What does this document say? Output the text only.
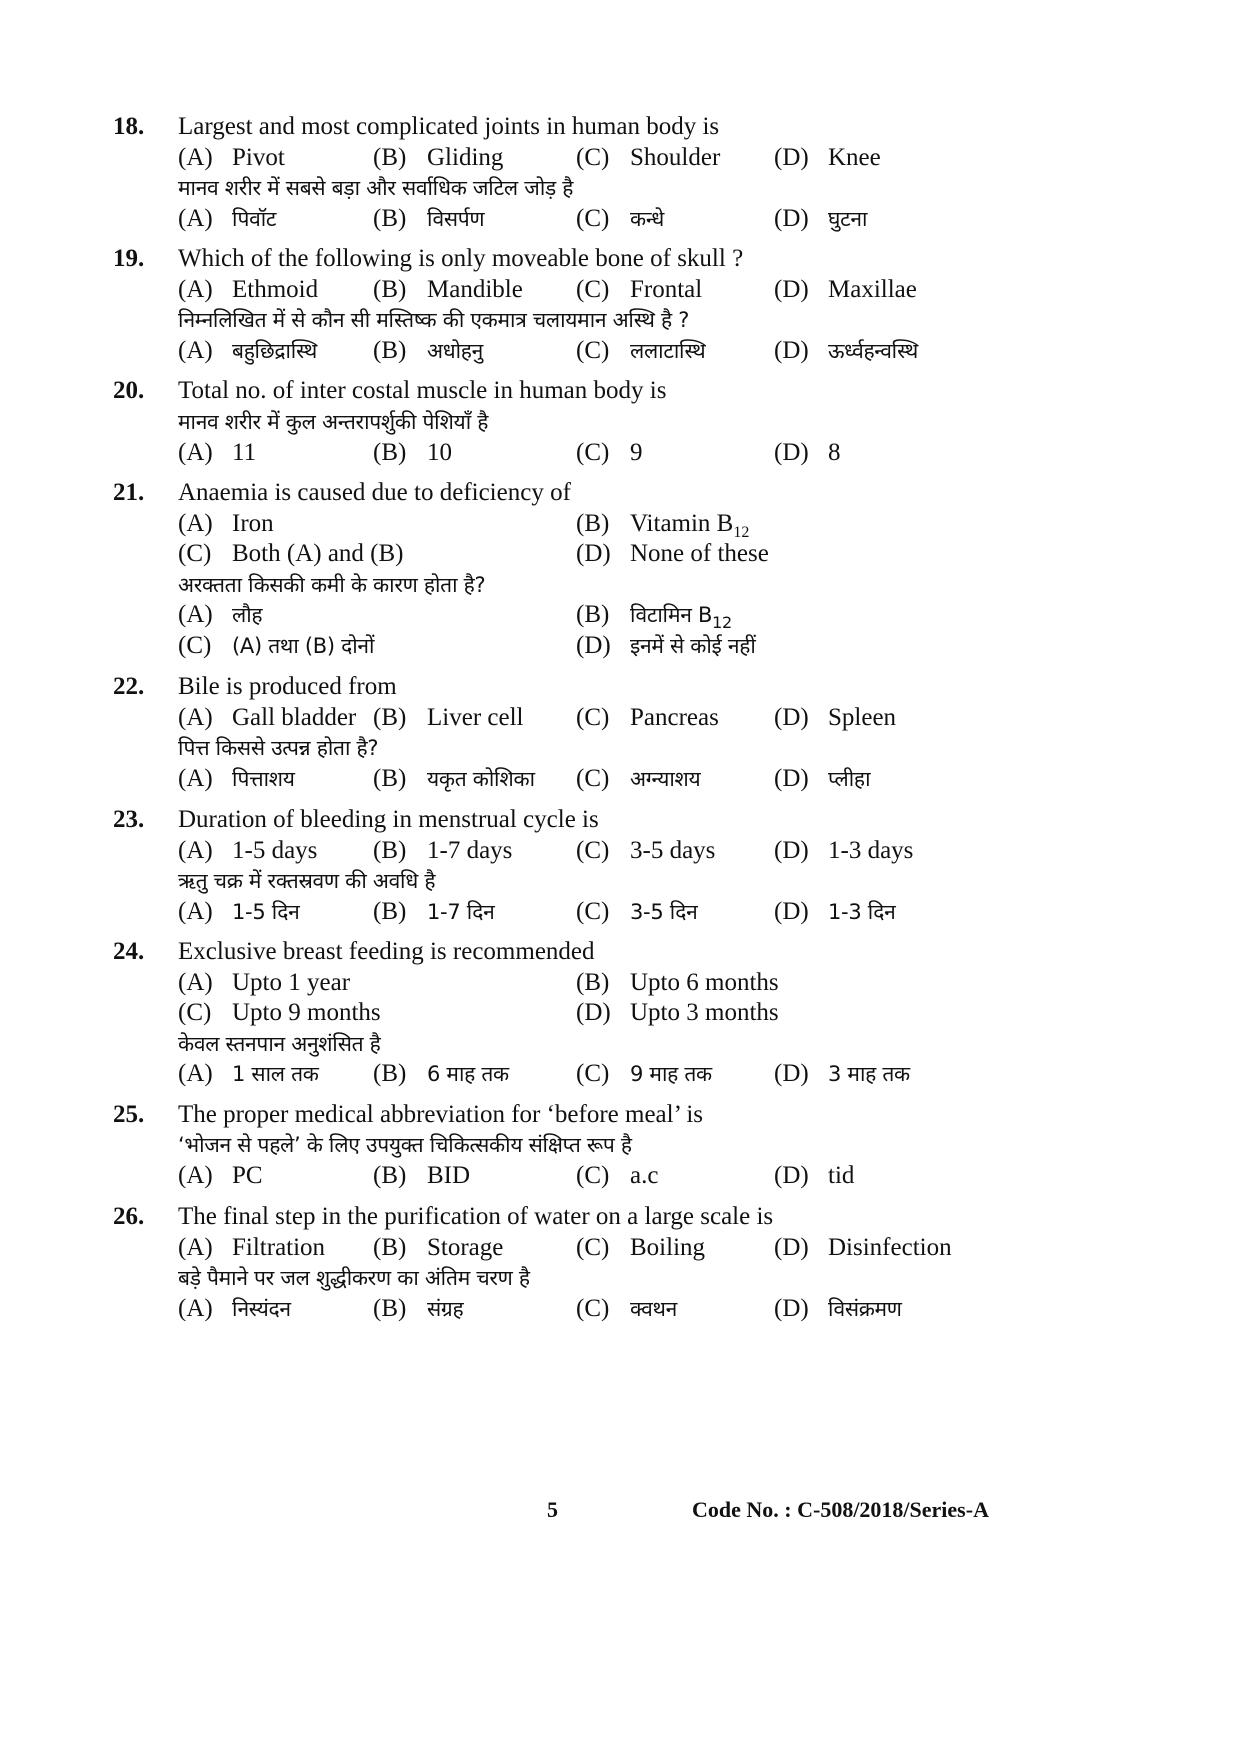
18. Largest and most complicated joints in human body is
(A) Pivot	(B) Gliding	(C) Shoulder (D) Knee
मानव शरीर में सबसे बड़ा और सर्वाधिक जटिल जोड़ है
(A) पिवॉट	(B) विसर्पण	(C) कन्धे	(D) घुटना
19. Which of the following is only moveable bone of skull ?
(A) Ethmoid (B) Mandible (C) Frontal	(D) Maxillae
निम्नलिखित में से कौन सी मस्तिष्क की एकमात्र चलायमान अस्थि है ?
(A) बहुछिद्रास्थि (B) अधोहनु	(C) ललाटास्थि	(D) ऊर्ध्वहन्वस्थि
20. Total no. of inter costal muscle in human body is
मानव शरीर में कुल अन्तरापर्शुकी पेशियाँ है
(A) 11	(B) 10	(C) 9	(D) 8
21. Anaemia is caused due to deficiency of
(A) Iron	(B) Vitamin $B_{12}$
(C) Both (A) and (B)	(D) None of these
अरक्तता किसकी कमी के कारण होता है?
(A) लौह	(B) विटामिन $B_{12}$
(C) (A) तथा (B) दोनों	(D) इनमें से कोई नहीं
22. Bile is produced from
(A) Gall bladder (B) Liver cell (C) Pancreas (D) Spleen
पित्त किससे उत्पन्न होता है?
(A) पित्ताशय	(B) यकृत कोशिका (C) अग्न्याशय	(D) प्लीहा
23. Duration of bleeding in menstrual cycle is
(A) 1-5 days (B) 1-7 days	(C) 3-5 days (D) 1-3 days
ऋतु चक्र में रक्तस्रवण की अवधि है
(A) 1-5 दिन	(B) 1-7 दिन	(C) 3-5 दिन	(D) 1-3 दिन
24. Exclusive breast feeding is recommended
(A) Upto 1 year	(B) Upto 6 months
(C) Upto 9 months	(D) Upto 3 months
केवल स्तनपान अनुशंसित है
(A) 1 साल तक (B) 6 माह तक	(C) 9 माह तक (D) 3 माह तक
25. The proper medical abbreviation for ‘before meal’ is
‘भोजन से पहले’ के लिए उपयुक्त चिकित्सकीय संक्षिप्त रूप है
(A) PC	(B) BID	(C) a.c	(D) tid
26. The final step in the purification of water on a large scale is
(A) Filtration (B) Storage	(C) Boiling	(D) Disinfection
बड़े पैमाने पर जल शुद्धीकरण का अंतिम चरण है
(A) निस्यंदन	(B) संग्रह	(C) क्वथन	(D) विसंक्रमण
5	Code No. : C-508/2018/Series-A
